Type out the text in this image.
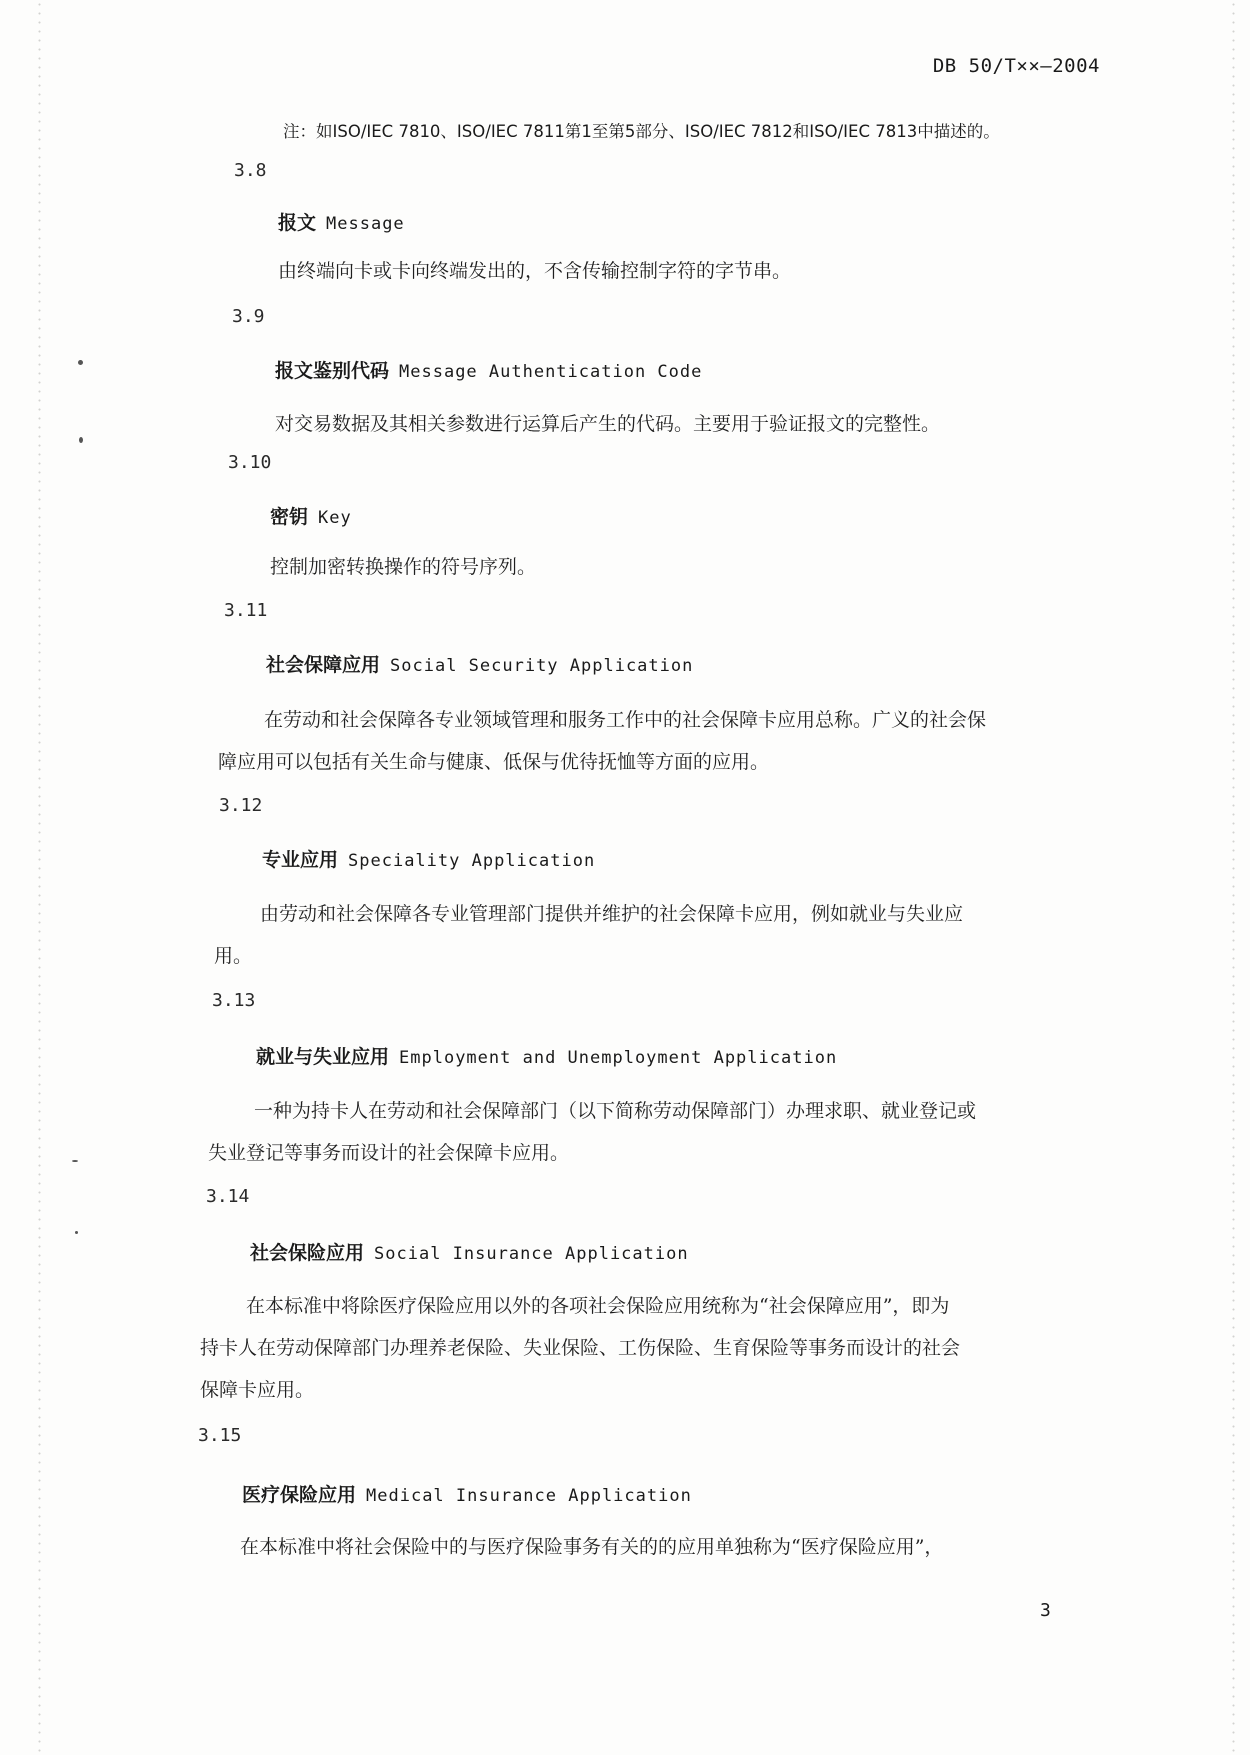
DB 50/T××—2004
注：如ISO/IEC 7810、ISO/IEC 7811第1至第5部分、ISO/IEC 7812和ISO/IEC 7813中描述的。
3.8
报文 Message
由终端向卡或卡向终端发出的，不含传输控制字符的字节串。
3.9
报文鉴别代码 Message Authentication Code
对交易数据及其相关参数进行运算后产生的代码。主要用于验证报文的完整性。
3.10
密钥 Key
控制加密转换操作的符号序列。
3.11
社会保障应用 Social Security Application
在劳动和社会保障各专业领域管理和服务工作中的社会保障卡应用总称。广义的社会保
障应用可以包括有关生命与健康、低保与优待抚恤等方面的应用。
3.12
专业应用 Speciality Application
由劳动和社会保障各专业管理部门提供并维护的社会保障卡应用，例如就业与失业应
用。
3.13
就业与失业应用 Employment and Unemployment Application
一种为持卡人在劳动和社会保障部门（以下简称劳动保障部门）办理求职、就业登记或
失业登记等事务而设计的社会保障卡应用。
3.14
社会保险应用 Social Insurance Application
在本标准中将除医疗保险应用以外的各项社会保险应用统称为“社会保障应用”，即为
持卡人在劳动保障部门办理养老保险、失业保险、工伤保险、生育保险等事务而设计的社会
保障卡应用。
3.15
医疗保险应用 Medical Insurance Application
在本标准中将社会保险中的与医疗保险事务有关的的应用单独称为“医疗保险应用”，
3
